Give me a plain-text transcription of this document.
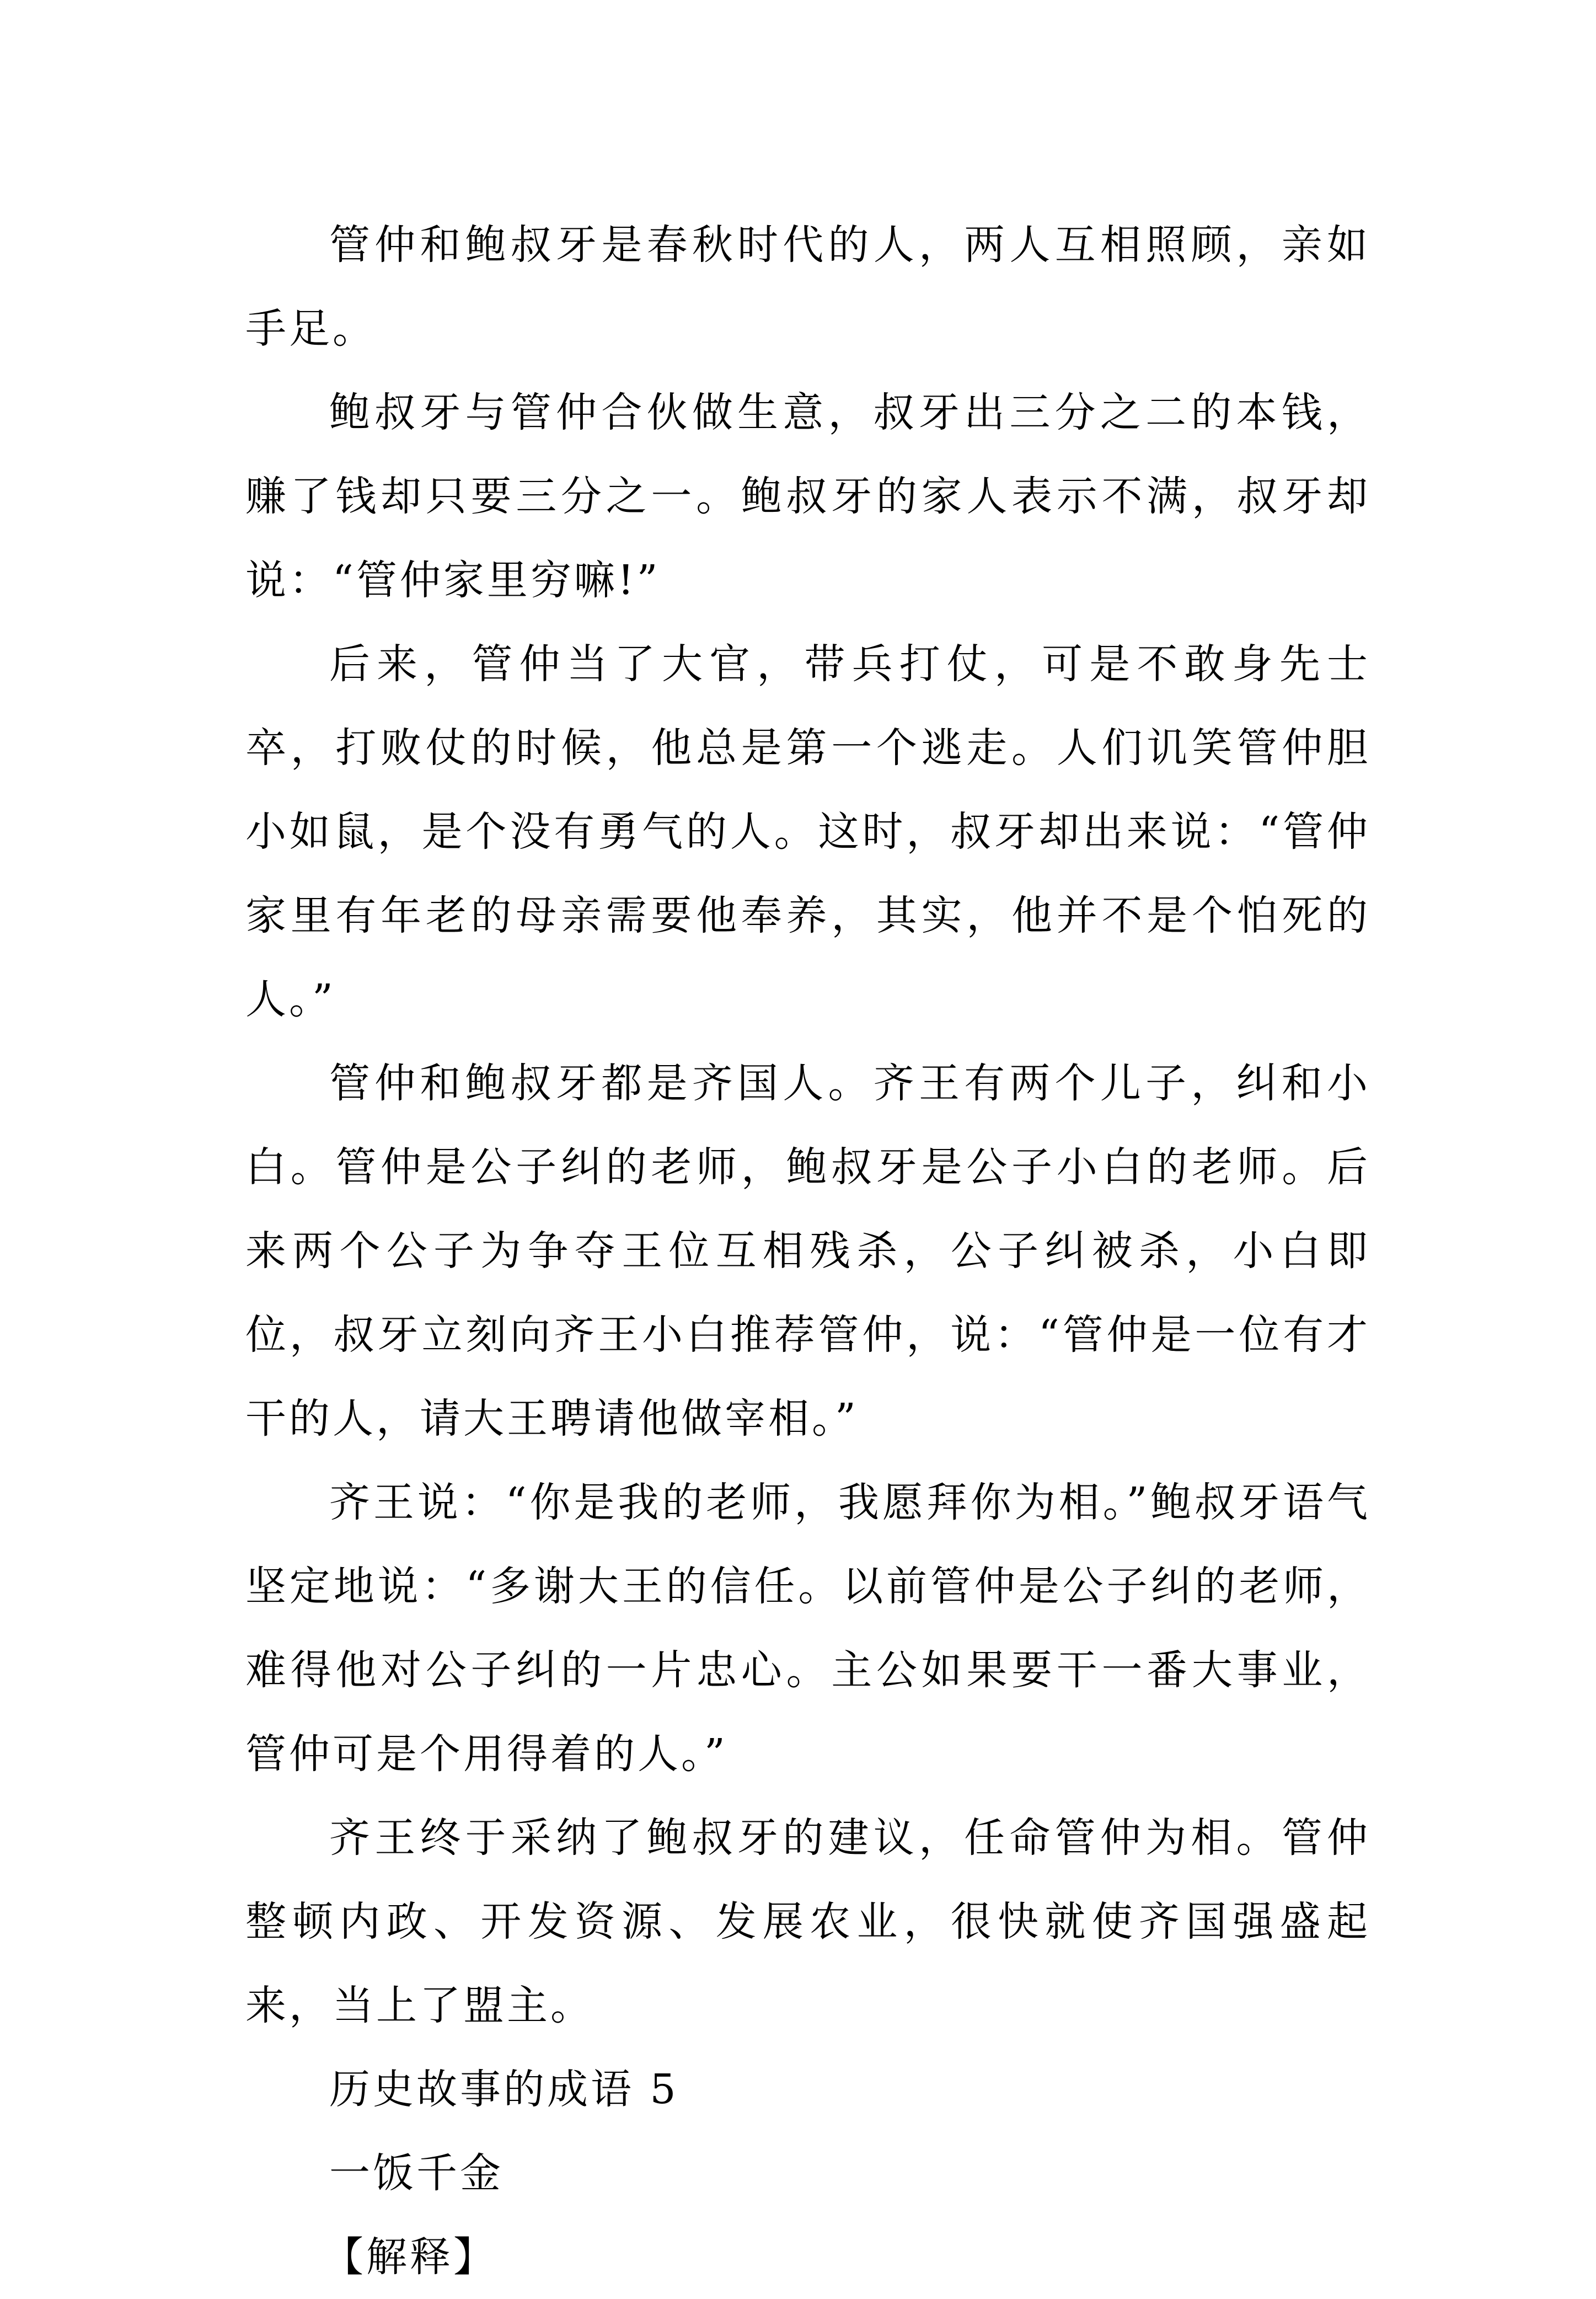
管仲和鲍叔牙是春秋时代的人，两人互相照顾，亲如手足。

鲍叔牙与管仲合伙做生意，叔牙出三分之二的本钱，赚了钱却只要三分之一。鲍叔牙的家人表示不满，叔牙却说：“管仲家里穷嘛!”

后来，管仲当了大官，带兵打仗，可是不敢身先士卒，打败仗的时候，他总是第一个逃走。人们讥笑管仲胆小如鼠，是个没有勇气的人。这时，叔牙却出来说：“管仲家里有年老的母亲需要他奉养，其实，他并不是个怕死的人。”

管仲和鲍叔牙都是齐国人。齐王有两个儿子，纠和小白。管仲是公子纠的老师，鲍叔牙是公子小白的老师。后来两个公子为争夺王位互相残杀，公子纠被杀，小白即位，叔牙立刻向齐王小白推荐管仲，说：“管仲是一位有才干的人，请大王聘请他做宰相。”

齐王说：“你是我的老师，我愿拜你为相。”鲍叔牙语气坚定地说：“多谢大王的信任。以前管仲是公子纠的老师，难得他对公子纠的一片忠心。主公如果要干一番大事业，管仲可是个用得着的人。”

齐王终于采纳了鲍叔牙的建议，任命管仲为相。管仲整顿内政、开发资源、发展农业，很快就使齐国强盛起来，当上了盟主。

历史故事的成语 5

一饭千金

【解释】
